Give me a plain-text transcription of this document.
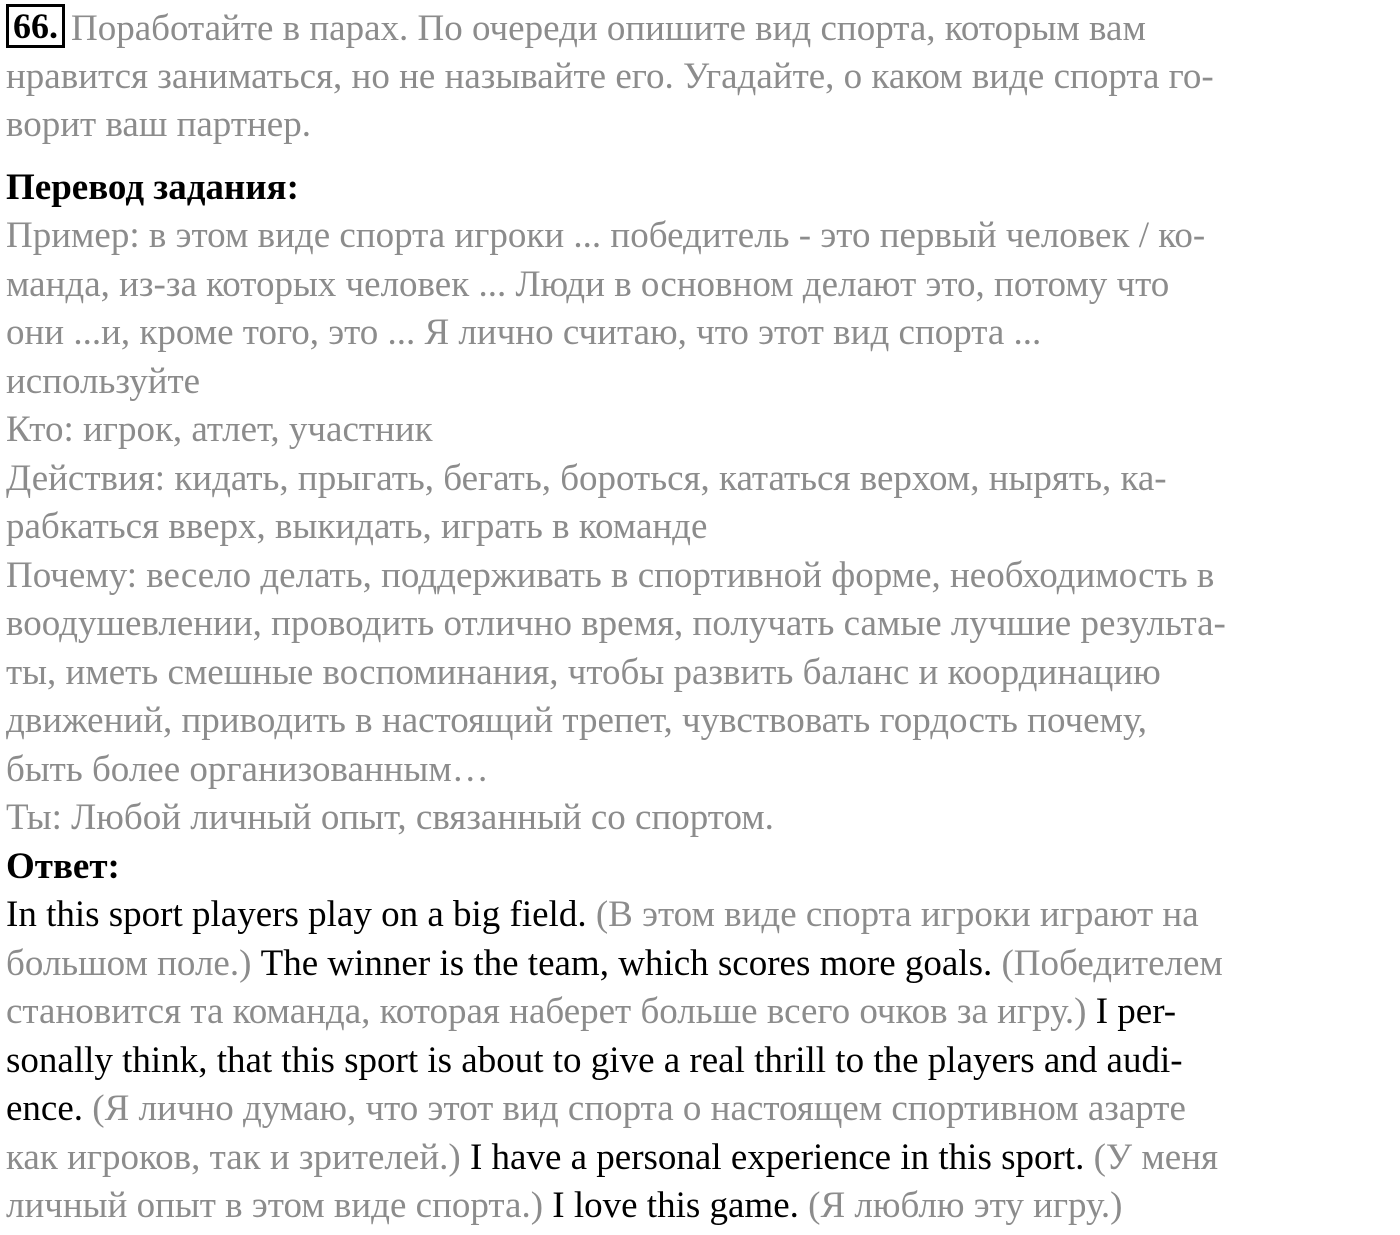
66. Поработайте в парах. По очереди опишите вид спорта, которым вам
нравится заниматься, но не называйте его. Угадайте, о каком виде спорта го-
ворит ваш партнер.
Перевод задания:
Пример: в этом виде спорта игроки ... победитель - это первый человек / ко-
манда, из-за которых человек ... Люди в основном делают это, потому что
они ...и, кроме того, это ... Я лично считаю, что этот вид спорта ...
используйте
Кто: игрок, атлет, участник
Действия: кидать, прыгать, бегать, бороться, кататься верхом, нырять, ка-
рабкаться вверх, выкидать, играть в команде
Почему: весело делать, поддерживать в спортивной форме, необходимость в
воодушевлении, проводить отлично время, получать самые лучшие результа-
ты, иметь смешные воспоминания, чтобы развить баланс и координацию
движений, приводить в настоящий трепет, чувствовать гордость почему,
быть более организованным…
Ты: Любой личный опыт, связанный со спортом.
Ответ:
In this sport players play on a big field. (В этом виде спорта игроки играют на
большом поле.) The winner is the team, which scores more goals. (Победителем
становится та команда, которая наберет больше всего очков за игру.) I per-
sonally think, that this sport is about to give a real thrill to the players and audi-
ence. (Я лично думаю, что этот вид спорта о настоящем спортивном азарте
как игроков, так и зрителей.) I have a personal experience in this sport. (У меня
личный опыт в этом виде спорта.) I love this game. (Я люблю эту игру.)
